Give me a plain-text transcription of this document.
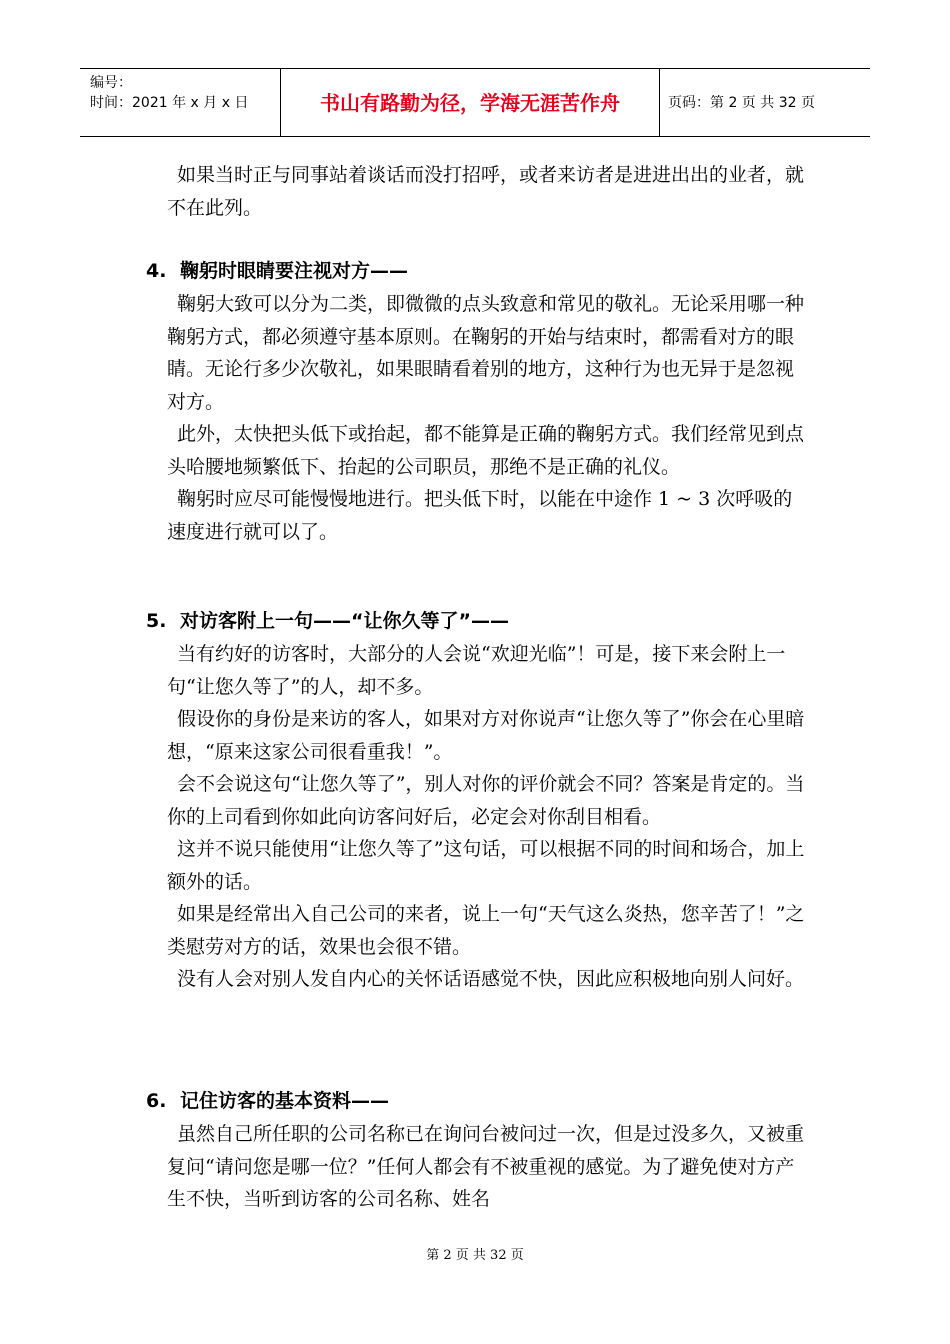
编号：
时间：2021 年 x 月 x 日	书山有路勤为径，学海无涯苦作舟	页码：第 2 页 共 32 页

如果当时正与同事站着谈话而没打招呼，或者来访者是进进出出的业者，就不在此列。

4. 鞠躬时眼睛要注视对方——

鞠躬大致可以分为二类，即微微的点头致意和常见的敬礼。无论采用哪一种鞠躬方式，都必须遵守基本原则。在鞠躬的开始与结束时，都需看对方的眼睛。无论行多少次敬礼，如果眼睛看着别的地方，这种行为也无异于是忽视对方。

此外，太快把头低下或抬起，都不能算是正确的鞠躬方式。我们经常见到点头哈腰地频繁低下、抬起的公司职员，那绝不是正确的礼仪。

鞠躬时应尽可能慢慢地进行。把头低下时，以能在中途作 1 ~ 3 次呼吸的速度进行就可以了。

5. 对访客附上一句——“让你久等了”——

当有约好的访客时，大部分的人会说“欢迎光临”！可是，接下来会附上一句“让您久等了”的人，却不多。

假设你的身份是来访的客人，如果对方对你说声“让您久等了”你会在心里暗想，“原来这家公司很看重我！”。

会不会说这句“让您久等了”，别人对你的评价就会不同？答案是肯定的。当你的上司看到你如此向访客问好后，必定会对你刮目相看。

这并不说只能使用“让您久等了”这句话，可以根据不同的时间和场合，加上额外的话。

如果是经常出入自己公司的来者，说上一句“天气这么炎热，您辛苦了！”之类慰劳对方的话，效果也会很不错。

没有人会对别人发自内心的关怀话语感觉不快，因此应积极地向别人问好。

6. 记住访客的基本资料——

虽然自己所任职的公司名称已在询问台被问过一次，但是过没多久，又被重复问“请问您是哪一位？”任何人都会有不被重视的感觉。为了避免使对方产生不快，当听到访客的公司名称、姓名

第 2 页 共 32 页
